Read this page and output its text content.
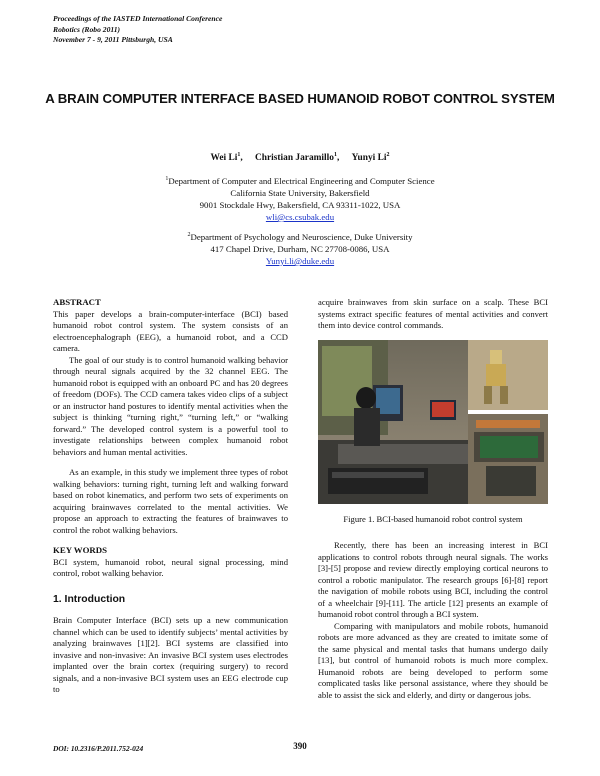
Proceedings of the IASTED International Conference
Robotics (Robo 2011)
November 7 - 9, 2011 Pittsburgh, USA
A BRAIN COMPUTER INTERFACE BASED HUMANOID ROBOT CONTROL SYSTEM
Wei Li$^1$, Christian Jaramillo$^1$, Yunyi Li$^2$
$^1$Department of Computer and Electrical Engineering and Computer Science
California State University, Bakersfield
9001 Stockdale Hwy, Bakersfield, CA 93311-1022, USA
wli@cs.csubak.edu
$^2$Department of Psychology and Neuroscience, Duke University
417 Chapel Drive, Durham, NC 27708-0086, USA
Yunyi.li@duke.edu
ABSTRACT

This paper develops a brain-computer-interface (BCI) based humanoid robot control system. The system consists of an electroencephalograph (EEG), a humanoid robot, and a CCD camera.

The goal of our study is to control humanoid walking behavior through neural signals acquired by the 32 channel EEG. The humanoid robot is equipped with an onboard PC and has 20 degrees of freedom (DOFs). The CCD camera takes video clips of a subject or an instructor hand postures to identify mental activities when the subject is thinking “turning right,” “turning left,” or “walking forward.” The developed control system is a powerful tool to investigate relationships between complex humanoid robot behaviors and human mental activities.

As an example, in this study we implement three types of robot walking behaviors: turning right, turning left and walking forward based on robot kinematics, and perform two sets of experiments on acquiring brainwaves correlated to the mental activities. We propose an approach to extracting the features of brainwaves to control the robot walking behaviors.

KEY WORDS

BCI system, humanoid robot, neural signal processing, mind control, robot walking behavior.

1. Introduction

Brain Computer Interface (BCI) sets up a new communication channel which can be used to identify subjects’ mental activities by analyzing brainwaves [1][2]. BCI systems are classified into invasive and non-invasive: An invasive BCI system uses electrodes implanted over the brain cortex (requiring surgery) to record signals, and a non-invasive BCI system uses an EEG electrode cup to

acquire brainwaves from skin surface on a scalp. These BCI systems extract specific features of mental activities and convert them into device control commands.

Figure 1. BCI-based humanoid robot control system

Recently, there has been an increasing interest in BCI applications to control robots through neural signals. The works [3]-[5] propose and review directly employing cortical neurons to control a robotic manipulator. The research groups [6]-[8] report the navigation of mobile robots using BCI, including the control of a wheelchair [9]-[11]. The article [12] presents an example of humanoid robot control through a BCI system.

Comparing with manipulators and mobile robots, humanoid robots are more advanced as they are created to imitate some of the same physical and mental tasks that humans undergo daily [13], but control of humanoid robots is much more complex. Humanoid robots are being developed to perform some complicated tasks like personal assistance, where they should be able to assist the sick and elderly, and dirty or dangerous jobs.

DOI: 10.2316/P.2011.752-024	390
